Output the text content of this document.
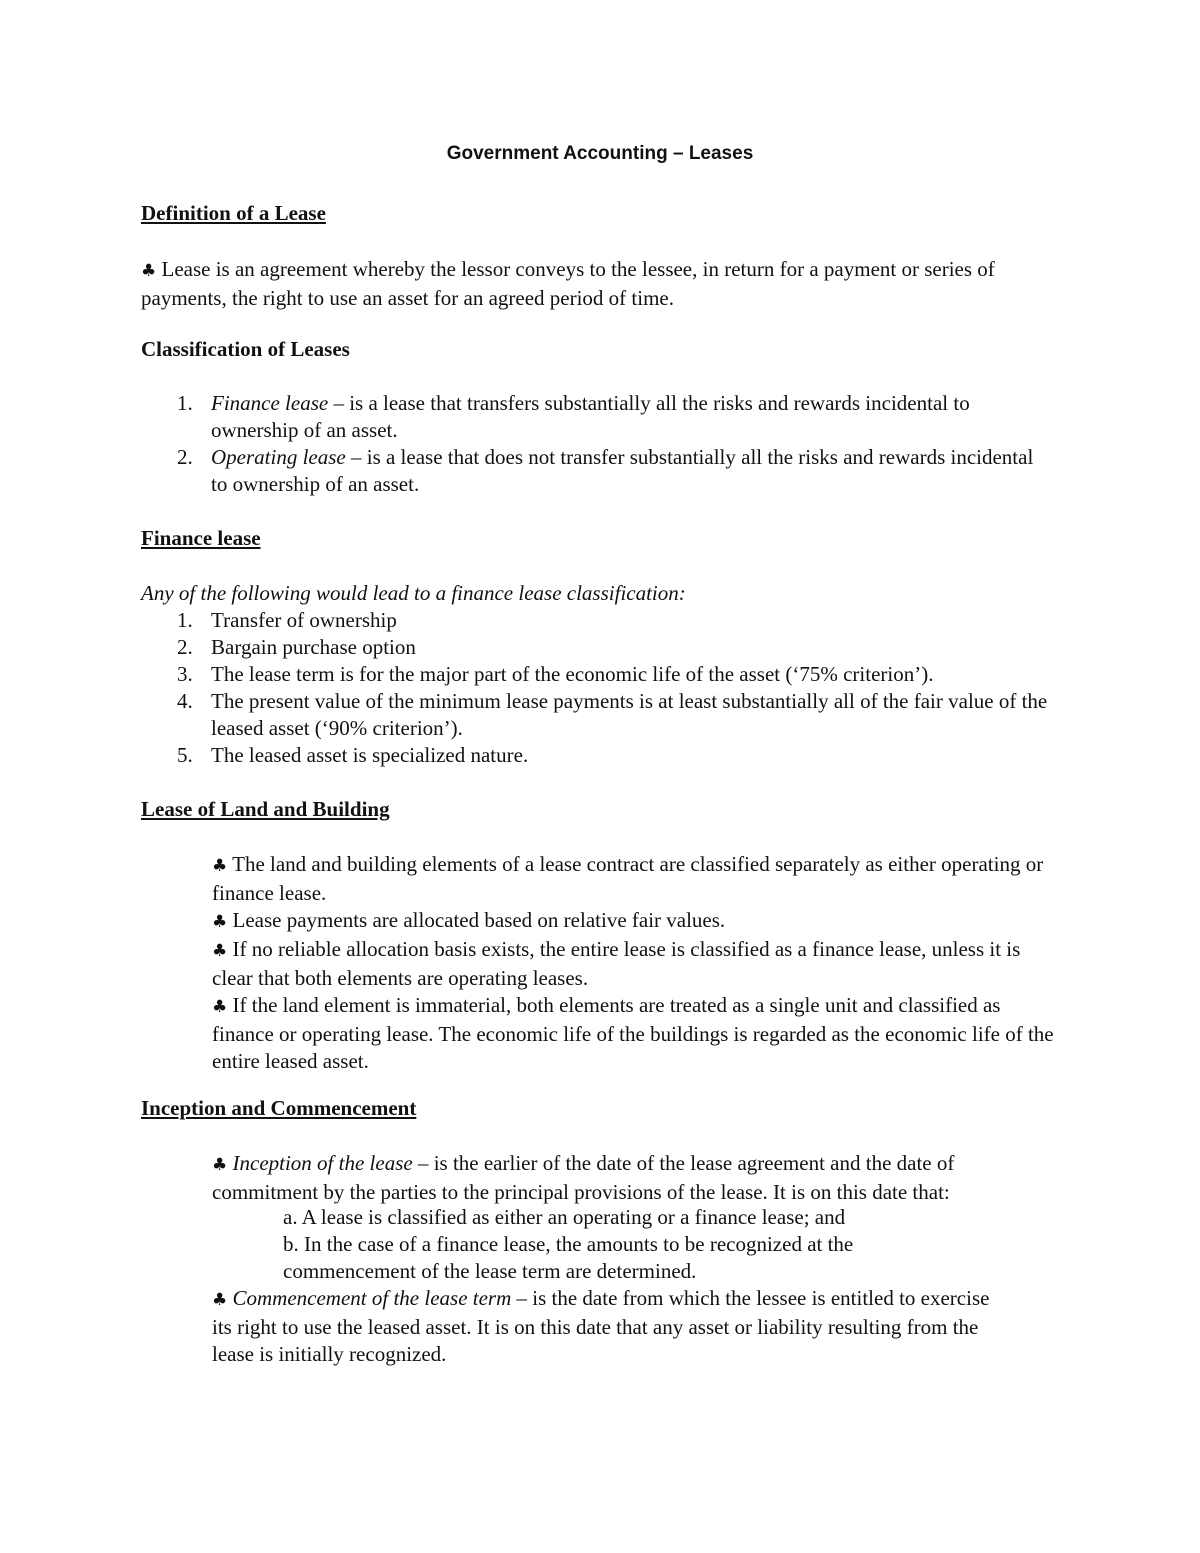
Government Accounting – Leases
Definition of a Lease
♣ Lease is an agreement whereby the lessor conveys to the lessee, in return for a payment or series of payments, the right to use an asset for an agreed period of time.
Classification of Leases
1. Finance lease – is a lease that transfers substantially all the risks and rewards incidental to ownership of an asset.
2. Operating lease – is a lease that does not transfer substantially all the risks and rewards incidental to ownership of an asset.
Finance lease
Any of the following would lead to a finance lease classification:
1. Transfer of ownership
2. Bargain purchase option
3. The lease term is for the major part of the economic life of the asset (‘75% criterion’).
4. The present value of the minimum lease payments is at least substantially all of the fair value of the leased asset (‘90% criterion’).
5. The leased asset is specialized nature.
Lease of Land and Building
♣ The land and building elements of a lease contract are classified separately as either operating or finance lease.
♣ Lease payments are allocated based on relative fair values.
♣ If no reliable allocation basis exists, the entire lease is classified as a finance lease, unless it is clear that both elements are operating leases.
♣ If the land element is immaterial, both elements are treated as a single unit and classified as finance or operating lease. The economic life of the buildings is regarded as the economic life of the entire leased asset.
Inception and Commencement
♣ Inception of the lease – is the earlier of the date of the lease agreement and the date of commitment by the parties to the principal provisions of the lease. It is on this date that:
a. A lease is classified as either an operating or a finance lease; and
b. In the case of a finance lease, the amounts to be recognized at the commencement of the lease term are determined.
♣ Commencement of the lease term – is the date from which the lessee is entitled to exercise its right to use the leased asset. It is on this date that any asset or liability resulting from the lease is initially recognized.
